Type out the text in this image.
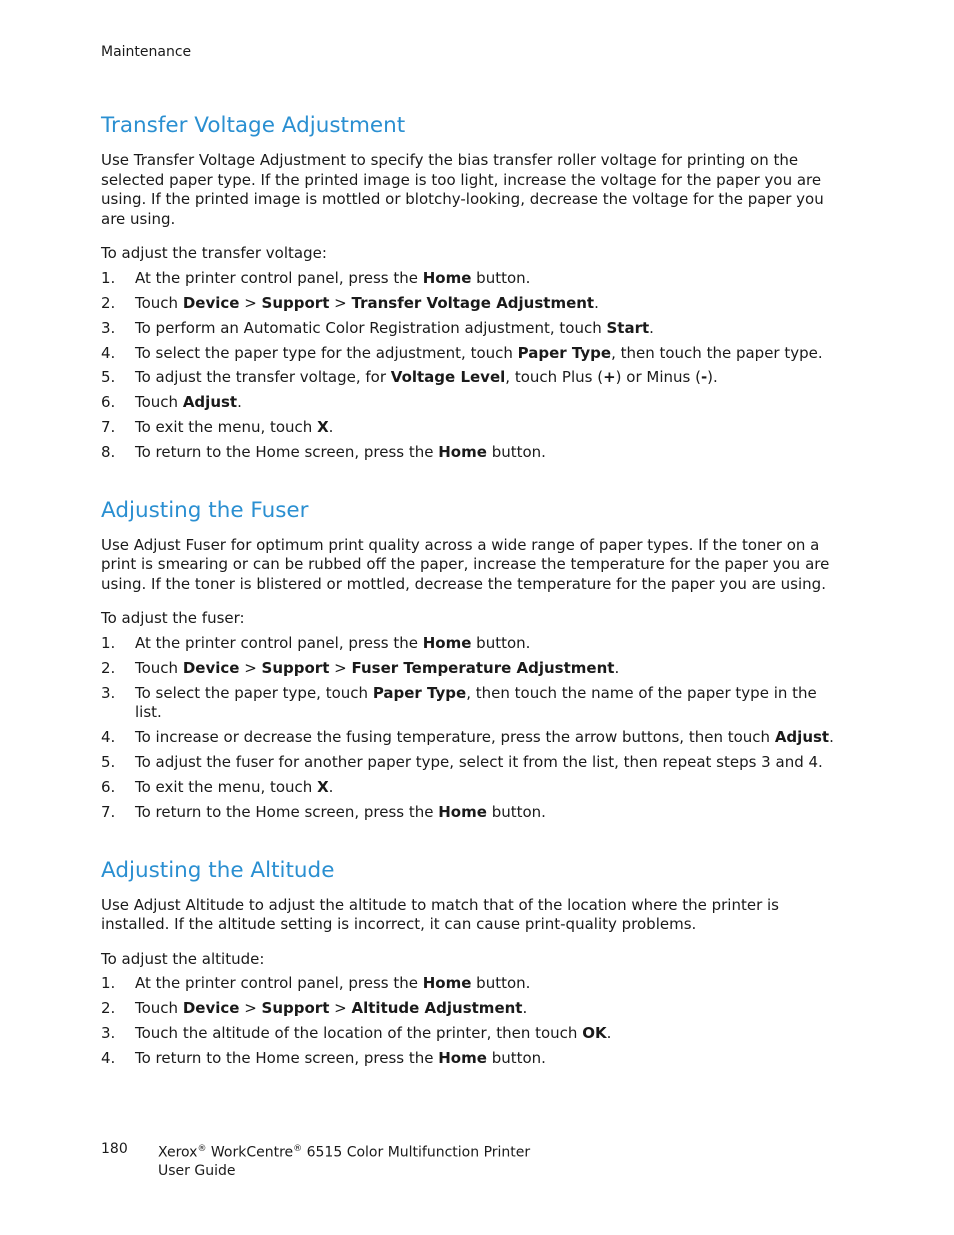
Maintenance
Transfer Voltage Adjustment

Use Transfer Voltage Adjustment to specify the bias transfer roller voltage for printing on the selected paper type. If the printed image is too light, increase the voltage for the paper you are using. If the printed image is mottled or blotchy-looking, decrease the voltage for the paper you are using.

To adjust the transfer voltage:

1.	At the printer control panel, press the Home button.
2.	Touch Device > Support > Transfer Voltage Adjustment.
3.	To perform an Automatic Color Registration adjustment, touch Start.
4.	To select the paper type for the adjustment, touch Paper Type, then touch the paper type.
5.	To adjust the transfer voltage, for Voltage Level, touch Plus (+) or Minus (-).
6.	Touch Adjust.
7.	To exit the menu, touch X.
8.	To return to the Home screen, press the Home button.
Adjusting the Fuser

Use Adjust Fuser for optimum print quality across a wide range of paper types. If the toner on a print is smearing or can be rubbed off the paper, increase the temperature for the paper you are using. If the toner is blistered or mottled, decrease the temperature for the paper you are using.

To adjust the fuser:

1.	At the printer control panel, press the Home button.
2.	Touch Device > Support > Fuser Temperature Adjustment.
3.	To select the paper type, touch Paper Type, then touch the name of the paper type in the list.
4.	To increase or decrease the fusing temperature, press the arrow buttons, then touch Adjust.
5.	To adjust the fuser for another paper type, select it from the list, then repeat steps 3 and 4.
6.	To exit the menu, touch X.
7.	To return to the Home screen, press the Home button.
Adjusting the Altitude

Use Adjust Altitude to adjust the altitude to match that of the location where the printer is installed. If the altitude setting is incorrect, it can cause print-quality problems.

To adjust the altitude:

1.	At the printer control panel, press the Home button.
2.	Touch Device > Support > Altitude Adjustment.
3.	Touch the altitude of the location of the printer, then touch OK.
4.	To return to the Home screen, press the Home button.
180 Xerox® WorkCentre® 6515 Color Multifunction Printer
User Guide
